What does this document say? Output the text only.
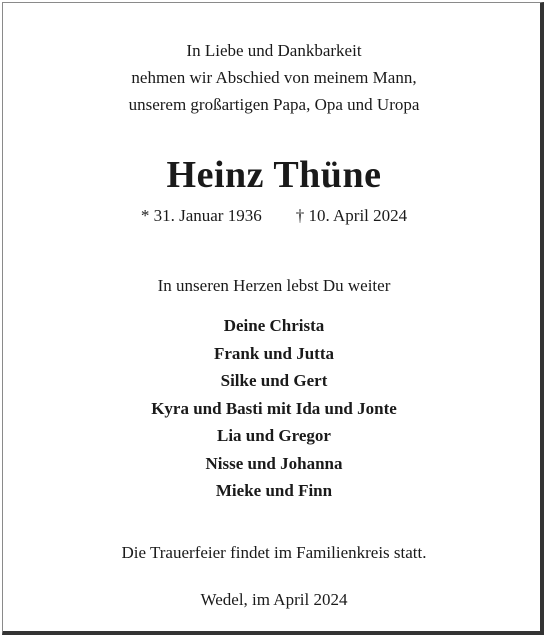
In Liebe und Dankbarkeit
nehmen wir Abschied von meinem Mann,
unserem großartigen Papa, Opa und Uropa
Heinz Thüne
* 31. Januar 1936 † 10. April 2024
In unseren Herzen lebst Du weiter
Deine Christa
Frank und Jutta
Silke und Gert
Kyra und Basti mit Ida und Jonte
Lia und Gregor
Nisse und Johanna
Mieke und Finn
Die Trauerfeier findet im Familienkreis statt.
Wedel, im April 2024
